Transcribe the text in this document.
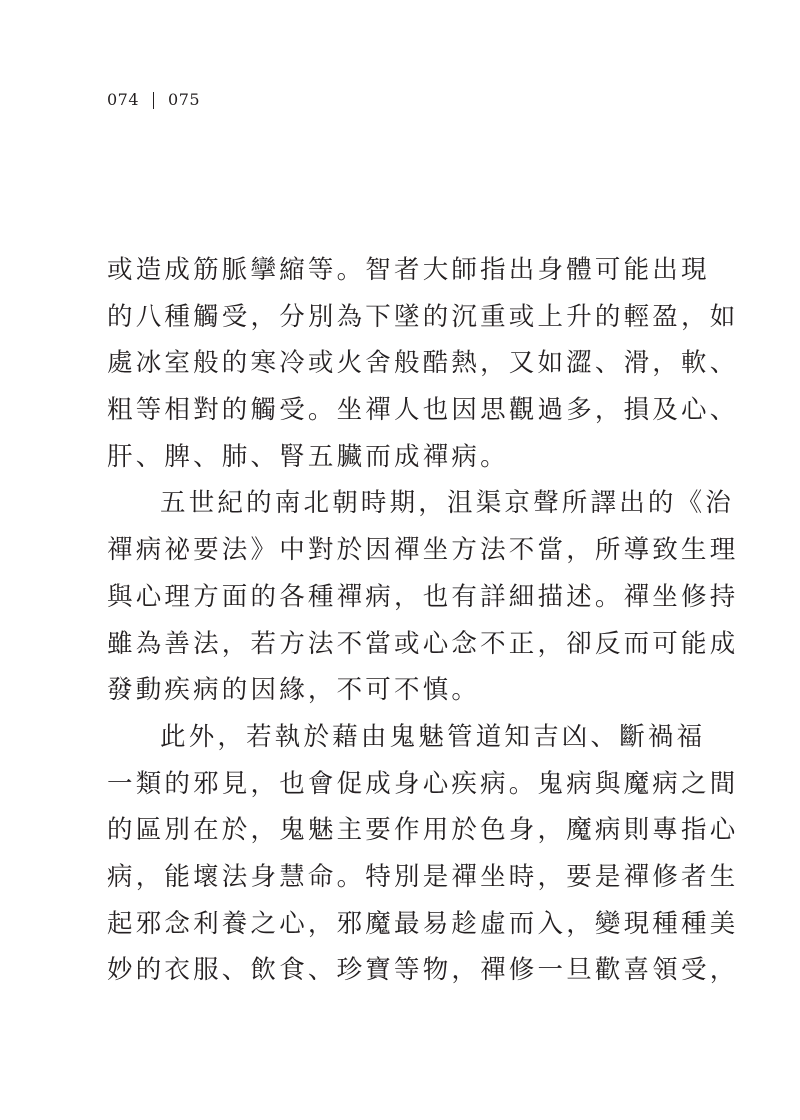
074 075
或造成筋脈攣縮等。智者大師指出身體可能出現
的八種觸受，分別為下墜的沉重或上升的輕盈，如
處冰室般的寒冷或火舍般酷熱，又如澀、滑，軟、
粗等相對的觸受。坐禪人也因思觀過多，損及心、
肝、脾、肺、腎五臟而成禪病。
五世紀的南北朝時期，沮渠京聲所譯出的《治
禪病祕要法》中對於因禪坐方法不當，所導致生理
與心理方面的各種禪病，也有詳細描述。禪坐修持
雖為善法，若方法不當或心念不正，卻反而可能成
發動疾病的因緣，不可不慎。
此外，若執於藉由鬼魅管道知吉凶、斷禍福
一類的邪見，也會促成身心疾病。鬼病與魔病之間
的區別在於，鬼魅主要作用於色身，魔病則專指心
病，能壞法身慧命。特別是禪坐時，要是禪修者生
起邪念利養之心，邪魔最易趁虛而入，變現種種美
妙的衣服、飲食、珍寶等物，禪修一旦歡喜領受，
